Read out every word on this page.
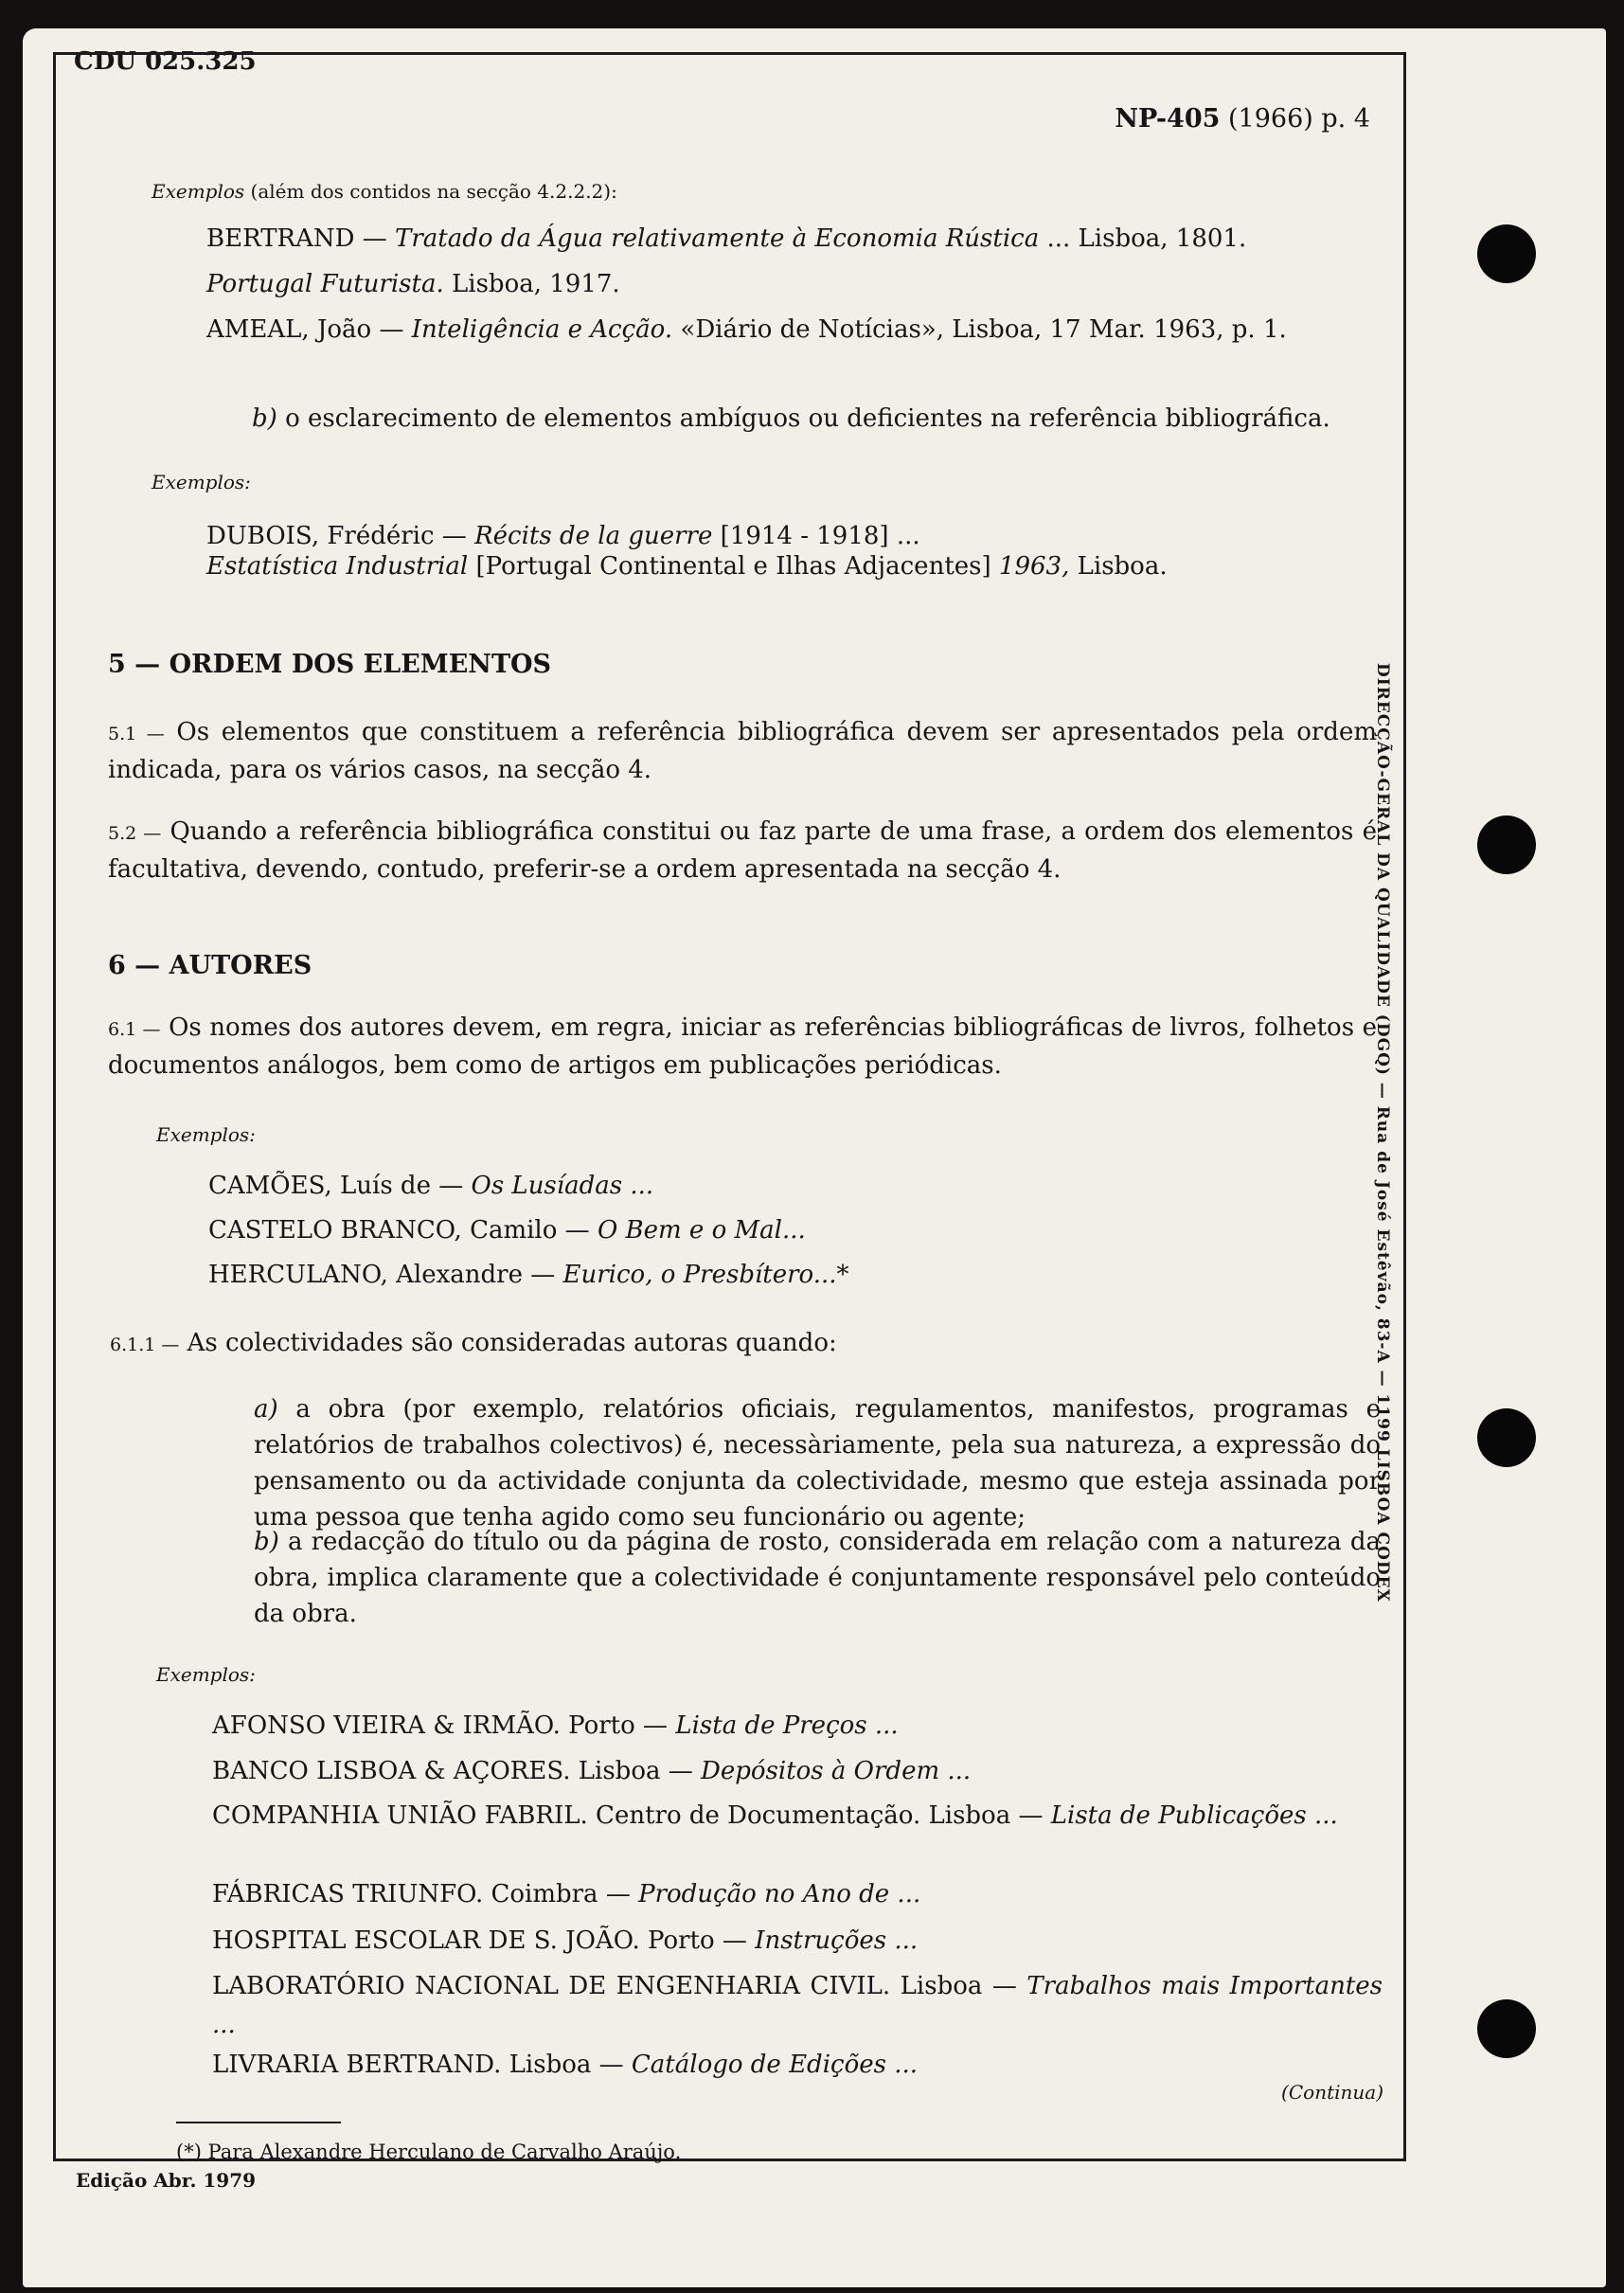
CDU 025.325

NP-405 (1966) p. 4

Exemplos (além dos contidos na secção 4.2.2.2):

BERTRAND — Tratado da Água relativamente à Economia Rústica ... Lisboa, 1801.

Portugal Futurista. Lisboa, 1917.

AMEAL, João — Inteligência e Acção. «Diário de Notícias», Lisboa, 17 Mar. 1963, p. 1.

b) o esclarecimento de elementos ambíguos ou deficientes na referência bibliográfica.

Exemplos:

DUBOIS, Frédéric — Récits de la guerre [1914 - 1918] ...

Estatística Industrial [Portugal Continental e Ilhas Adjacentes] 1963, Lisboa.

5 — ORDEM DOS ELEMENTOS

5.1 — Os elementos que constituem a referência bibliográfica devem ser apresentados pela ordem indicada, para os vários casos, na secção 4.

5.2 — Quando a referência bibliográfica constitui ou faz parte de uma frase, a ordem dos elementos é facultativa, devendo, contudo, preferir-se a ordem apresentada na secção 4.

6 — AUTORES

6.1 — Os nomes dos autores devem, em regra, iniciar as referências bibliográficas de livros, folhetos e documentos análogos, bem como de artigos em publicações periódicas.

Exemplos:

CAMÕES, Luís de — Os Lusíadas ...

CASTELO BRANCO, Camilo — O Bem e o Mal...

HERCULANO, Alexandre — Eurico, o Presbítero...*

6.1.1 — As colectividades são consideradas autoras quando:

a) a obra (por exemplo, relatórios oficiais, regulamentos, manifestos, programas e relatórios de trabalhos colectivos) é, necessàriamente, pela sua natureza, a expressão do pensamento ou da actividade conjunta da colectividade, mesmo que esteja assinada por uma pessoa que tenha agido como seu funcionário ou agente;

b) a redacção do título ou da página de rosto, considerada em relação com a natureza da obra, implica claramente que a colectividade é conjuntamente responsável pelo conteúdo da obra.

Exemplos:

AFONSO VIEIRA & IRMÃO. Porto — Lista de Preços ...

BANCO LISBOA & AÇORES. Lisboa — Depósitos à Ordem ...

COMPANHIA UNIÃO FABRIL. Centro de Documentação. Lisboa — Lista de Publicações ...

FÁBRICAS TRIUNFO. Coimbra — Produção no Ano de ...

HOSPITAL ESCOLAR DE S. JOÃO. Porto — Instruções ...

LABORATÓRIO NACIONAL DE ENGENHARIA CIVIL. Lisboa — Trabalhos mais Importantes ...

LIVRARIA BERTRAND. Lisboa — Catálogo de Edições ...

(Continua)

(*) Para Alexandre Herculano de Carvalho Araújo.

Edição Abr. 1979

DIRECÇÃO-GERAL DA QUALIDADE (DGQ) — Rua de José Estêvão, 83-A — 1199 LISBOA CODEX
